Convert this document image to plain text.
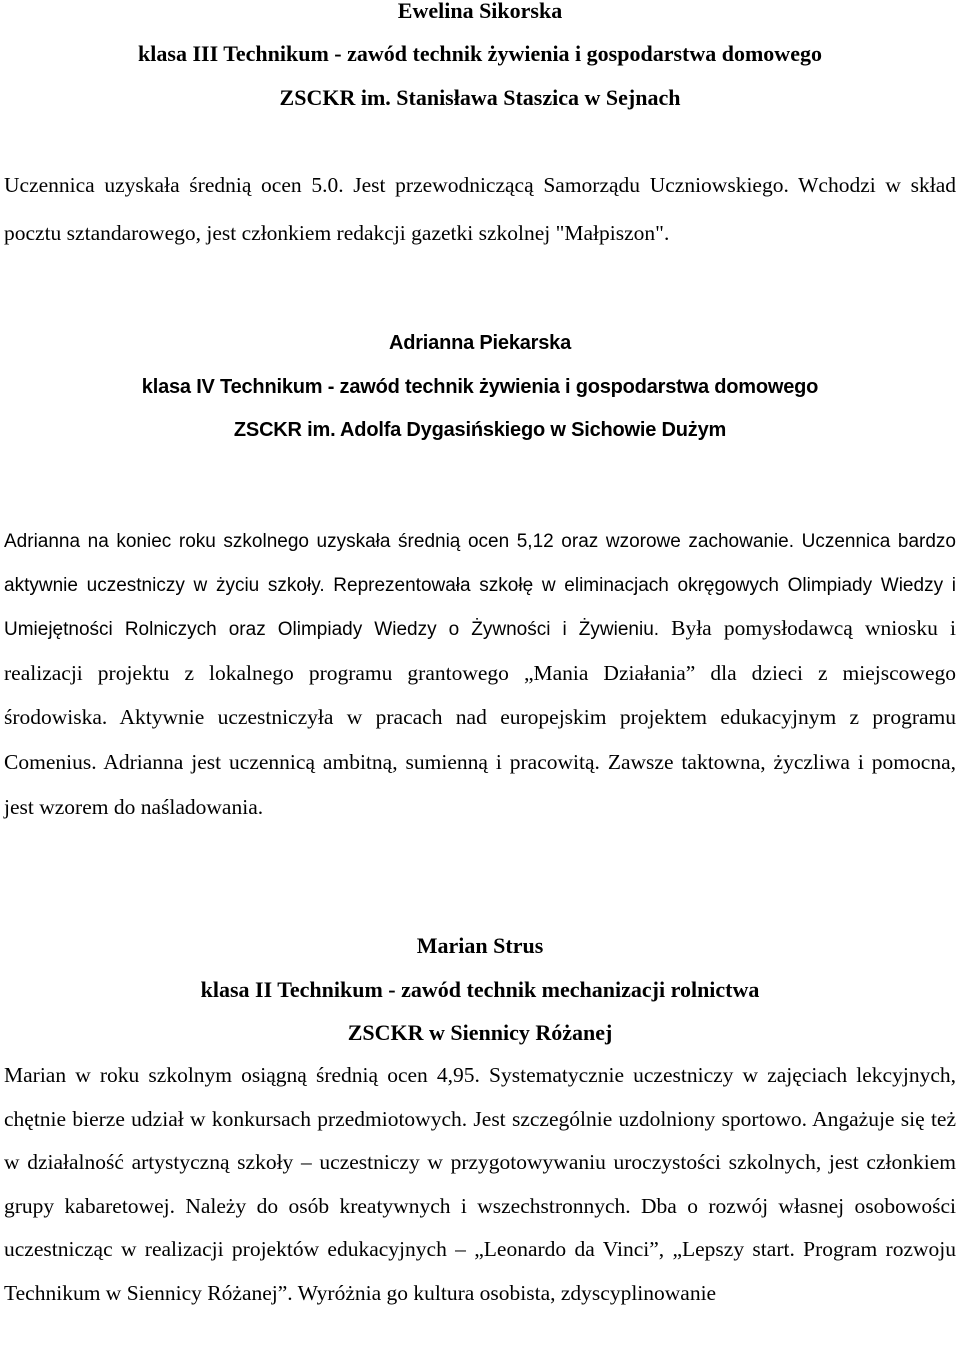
Ewelina Sikorska
klasa III Technikum - zawód technik żywienia i gospodarstwa domowego
ZSCKR im. Stanisława Staszica w Sejnach

Uczennica uzyskała średnią ocen 5.0. Jest przewodniczącą Samorządu Uczniowskiego. Wchodzi w skład pocztu sztandarowego, jest członkiem redakcji gazetki szkolnej "Małpiszon".

Adrianna Piekarska
klasa IV Technikum - zawód technik żywienia i gospodarstwa domowego
ZSCKR im. Adolfa Dygasińskiego w Sichowie Dużym

Adrianna na koniec roku szkolnego uzyskała średnią ocen 5,12 oraz wzorowe zachowanie. Uczennica bardzo aktywnie uczestniczy w życiu szkoły. Reprezentowała szkołę w eliminacjach okręgowych Olimpiady Wiedzy i Umiejętności Rolniczych oraz Olimpiady Wiedzy o Żywności i Żywieniu. Była pomysłodawcą wniosku i realizacji projektu z lokalnego programu grantowego „Mania Działania” dla dzieci z miejscowego środowiska. Aktywnie uczestniczyła w pracach nad europejskim projektem edukacyjnym z programu Comenius. Adrianna jest uczennicą ambitną, sumienną i pracowitą. Zawsze taktowna, życzliwa i pomocna, jest wzorem do naśladowania.

Marian Strus
klasa II Technikum - zawód technik mechanizacji rolnictwa
ZSCKR w Siennicy Różanej

Marian w roku szkolnym osiągną średnią ocen 4,95. Systematycznie uczestniczy w zajęciach lekcyjnych, chętnie bierze udział w konkursach przedmiotowych. Jest szczególnie uzdolniony sportowo. Angażuje się też w działalność artystyczną szkoły – uczestniczy w przygotowywaniu uroczystości szkolnych, jest członkiem grupy kabaretowej. Należy do osób kreatywnych i wszechstronnych. Dba o rozwój własnej osobowości uczestnicząc w realizacji projektów edukacyjnych – „Leonardo da Vinci”, „Lepszy start. Program rozwoju Technikum w Siennicy Różanej”. Wyróżnia go kultura osobista, zdyscyplinowanie
